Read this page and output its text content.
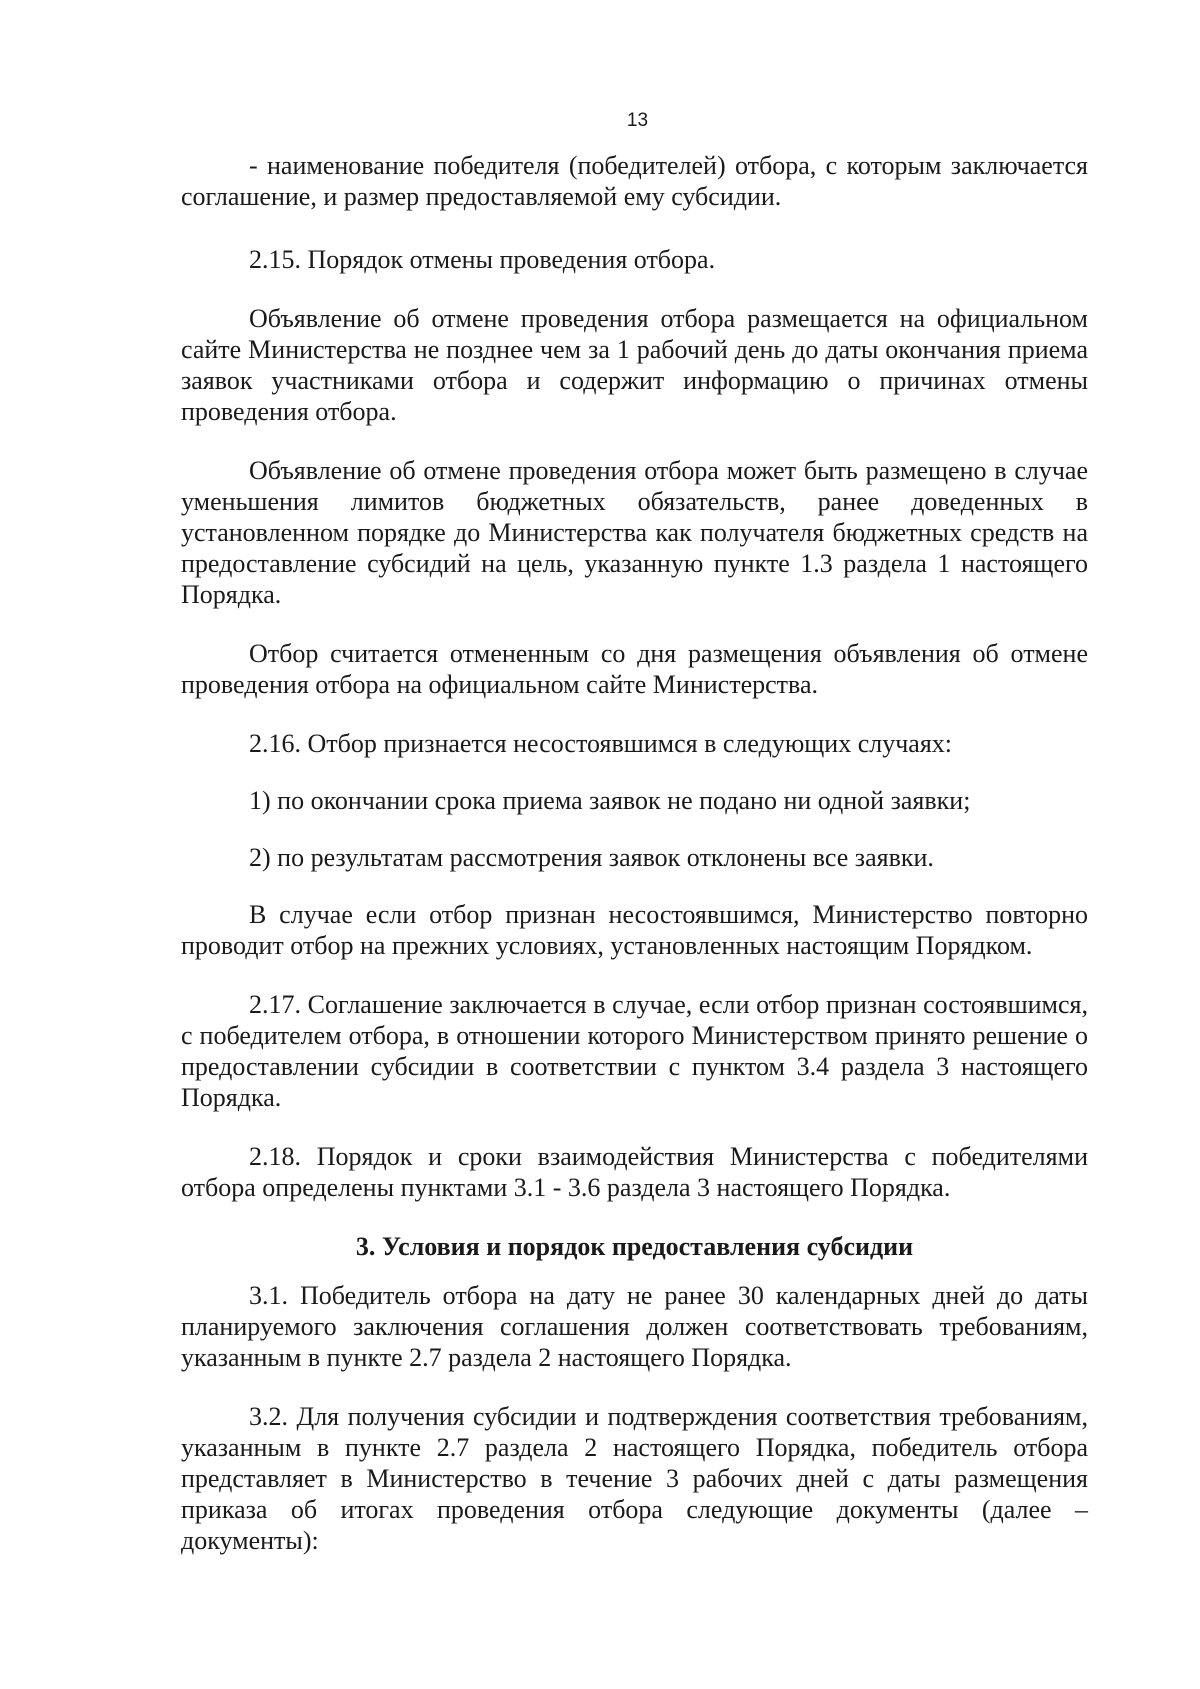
13

- наименование победителя (победителей) отбора, с которым заключается соглашение, и размер предоставляемой ему субсидии.

2.15. Порядок отмены проведения отбора.

Объявление об отмене проведения отбора размещается на официальном сайте Министерства не позднее чем за 1 рабочий день до даты окончания приема заявок участниками отбора и содержит информацию о причинах отмены проведения отбора.

Объявление об отмене проведения отбора может быть размещено в случае уменьшения лимитов бюджетных обязательств, ранее доведенных в установленном порядке до Министерства как получателя бюджетных средств на предоставление субсидий на цель, указанную пункте 1.3 раздела 1 настоящего Порядка.

Отбор считается отмененным со дня размещения объявления об отмене проведения отбора на официальном сайте Министерства.

2.16. Отбор признается несостоявшимся в следующих случаях:

1) по окончании срока приема заявок не подано ни одной заявки;

2) по результатам рассмотрения заявок отклонены все заявки.

В случае если отбор признан несостоявшимся, Министерство повторно проводит отбор на прежних условиях, установленных настоящим Порядком.

2.17. Соглашение заключается в случае, если отбор признан состоявшимся, с победителем отбора, в отношении которого Министерством принято решение о предоставлении субсидии в соответствии с пунктом 3.4 раздела 3 настоящего Порядка.

2.18. Порядок и сроки взаимодействия Министерства с победителями отбора определены пунктами 3.1 - 3.6 раздела 3 настоящего Порядка.

3. Условия и порядок предоставления субсидии

3.1. Победитель отбора на дату не ранее 30 календарных дней до даты планируемого заключения соглашения должен соответствовать требованиям, указанным в пункте 2.7 раздела 2 настоящего Порядка.

3.2. Для получения субсидии и подтверждения соответствия требованиям, указанным в пункте 2.7 раздела 2 настоящего Порядка, победитель отбора представляет в Министерство в течение 3 рабочих дней с даты размещения приказа об итогах проведения отбора следующие документы (далее – документы):
